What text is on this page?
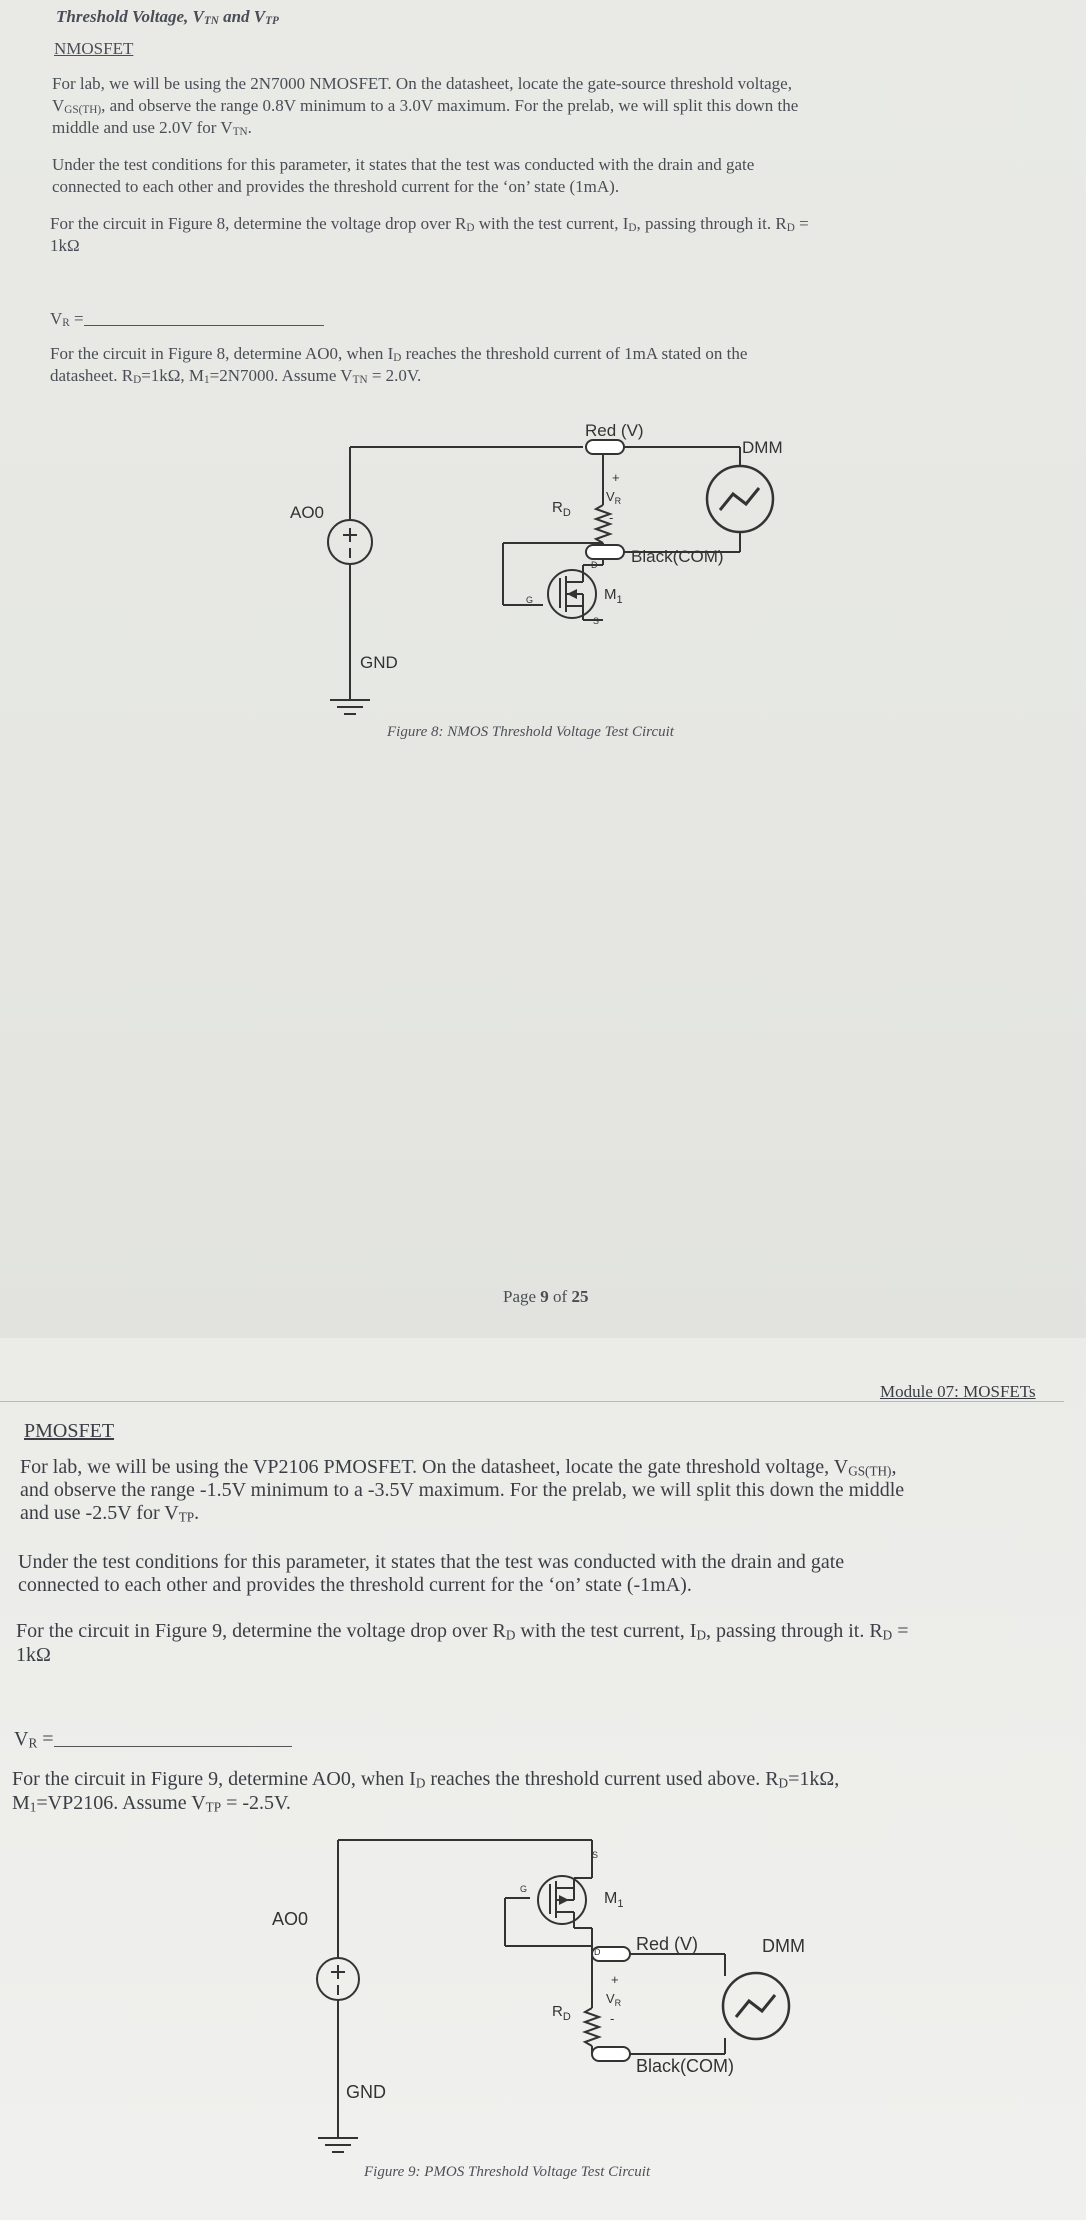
Threshold Voltage, $V_{TN}$ and $V_{TP}$
NMOSFET
For lab, we will be using the 2N7000 NMOSFET. On the datasheet, locate the gate-source threshold voltage,
$V_{GS(TH)}$, and observe the range 0.8V minimum to a 3.0V maximum. For the prelab, we will split this down the
middle and use 2.0V for $V_{TN}$.
Under the test conditions for this parameter, it states that the test was conducted with the drain and gate
connected to each other and provides the threshold current for the ‘on’ state (1mA).
For the circuit in Figure 8, determine the voltage drop over $R_D$ with the test current, $I_D$, passing through it. $R_D$ =
1kΩ
$V_R$ =
For the circuit in Figure 8, determine AO0, when $I_D$ reaches the threshold current of 1mA stated on the
datasheet. $R_D=1k\Omega$, $M_1=2N7000$. Assume $V_{TN} = 2.0V$.
Red (V)
DMM
AO0	$R_D$
+
$V_R$
-
Black(COM)
$M_1$
D
G
S
GND
Figure 8: NMOS Threshold Voltage Test Circuit
Page 9 of 25
Module 07: MOSFETs
PMOSFET
For lab, we will be using the VP2106 PMOSFET. On the datasheet, locate the gate threshold voltage, $V_{GS(TH)}$,
and observe the range -1.5V minimum to a -3.5V maximum. For the prelab, we will split this down the middle
and use -2.5V for $V_{TP}$.
Under the test conditions for this parameter, it states that the test was conducted with the drain and gate
connected to each other and provides the threshold current for the ‘on’ state (-1mA).
For the circuit in Figure 9, determine the voltage drop over $R_D$ with the test current, $I_D$, passing through it. $R_D$ =
1kΩ
$V_R$ =
For the circuit in Figure 9, determine AO0, when $I_D$ reaches the threshold current used above. $R_D=1k\Omega$,
$M_1=VP2106$. Assume $V_{TP} = -2.5V$.
Red (V)	DMM
AO0
$R_D$
+
$V_R$
-
Black(COM)
$M_1$
D
G
S
GND
Figure 9: PMOS Threshold Voltage Test Circuit
